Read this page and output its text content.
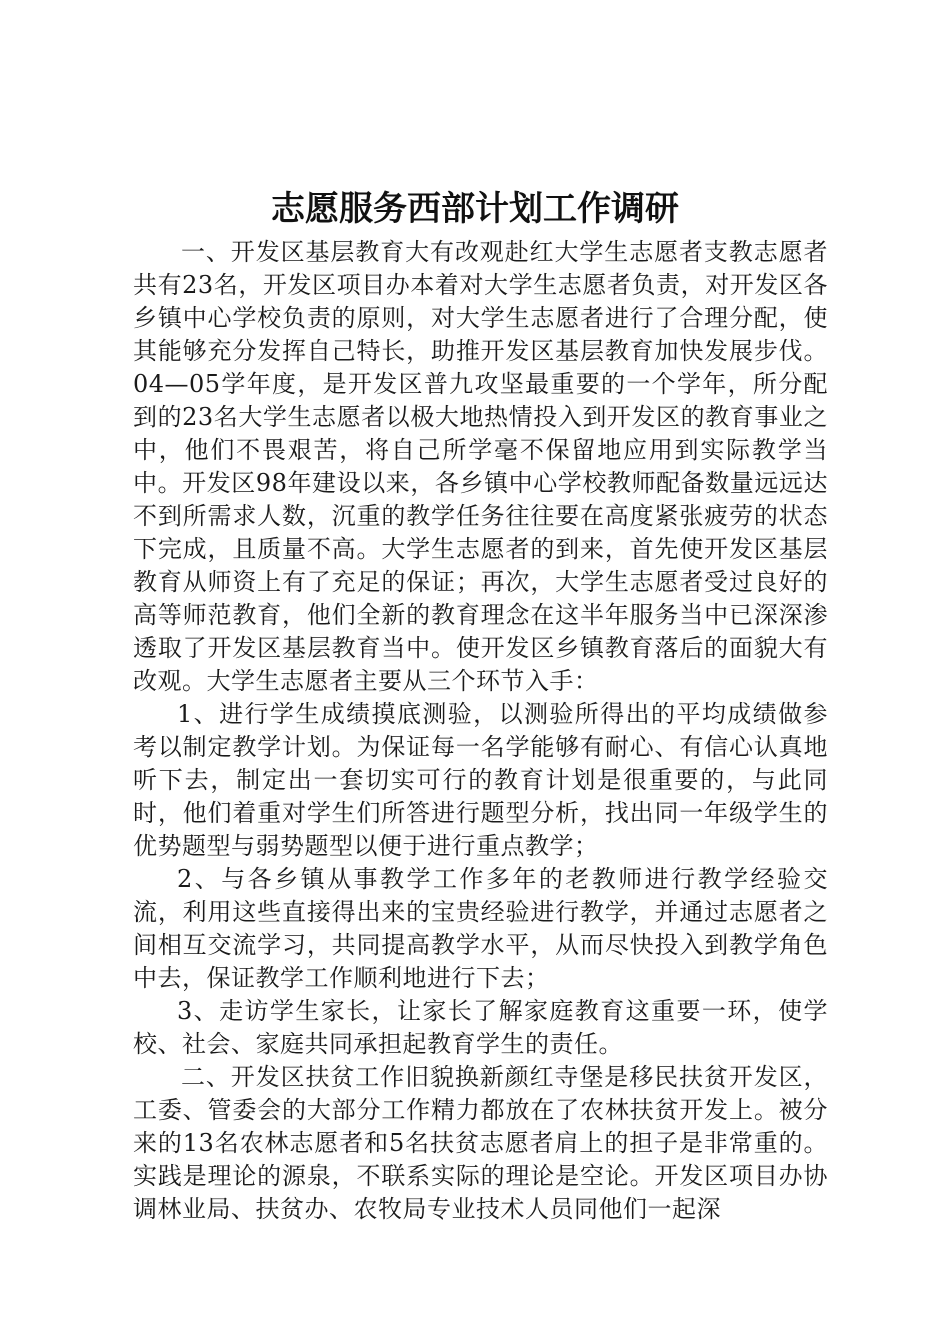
志愿服务西部计划工作调研

一、开发区基层教育大有改观赴红大学生志愿者支教志愿者共有23名，开发区项目办本着对大学生志愿者负责，对开发区各乡镇中心学校负责的原则，对大学生志愿者进行了合理分配，使其能够充分发挥自己特长，助推开发区基层教育加快发展步伐。04—05学年度，是开发区普九攻坚最重要的一个学年，所分配到的23名大学生志愿者以极大地热情投入到开发区的教育事业之中，他们不畏艰苦，将自己所学毫不保留地应用到实际教学当中。开发区98年建设以来，各乡镇中心学校教师配备数量远远达不到所需求人数，沉重的教学任务往往要在高度紧张疲劳的状态下完成，且质量不高。大学生志愿者的到来，首先使开发区基层教育从师资上有了充足的保证；再次，大学生志愿者受过良好的高等师范教育，他们全新的教育理念在这半年服务当中已深深渗透取了开发区基层教育当中。使开发区乡镇教育落后的面貌大有改观。大学生志愿者主要从三个环节入手：

1、进行学生成绩摸底测验，以测验所得出的平均成绩做参考以制定教学计划。为保证每一名学能够有耐心、有信心认真地听下去，制定出一套切实可行的教育计划是很重要的，与此同时，他们着重对学生们所答进行题型分析，找出同一年级学生的优势题型与弱势题型以便于进行重点教学；

2、与各乡镇从事教学工作多年的老教师进行教学经验交流，利用这些直接得出来的宝贵经验进行教学，并通过志愿者之间相互交流学习，共同提高教学水平，从而尽快投入到教学角色中去，保证教学工作顺利地进行下去；

3、走访学生家长，让家长了解家庭教育这重要一环，使学校、社会、家庭共同承担起教育学生的责任。

二、开发区扶贫工作旧貌换新颜红寺堡是移民扶贫开发区，工委、管委会的大部分工作精力都放在了农林扶贫开发上。被分来的13名农林志愿者和5名扶贫志愿者肩上的担子是非常重的。实践是理论的源泉，不联系实际的理论是空论。开发区项目办协调林业局、扶贫办、农牧局专业技术人员同他们一起深
